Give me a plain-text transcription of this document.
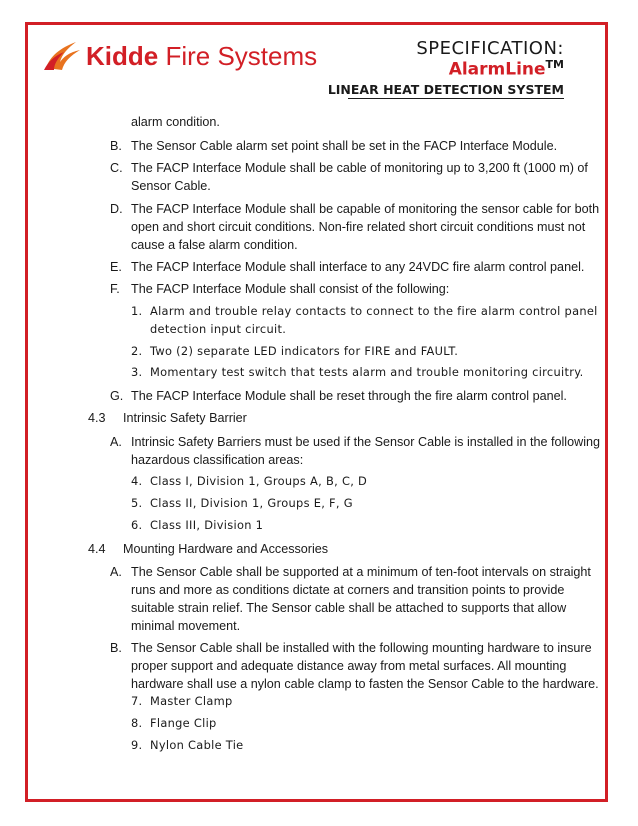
Kidde Fire Systems	SPECIFICATION:
AlarmLine™
LINEAR HEAT DETECTION SYSTEM
alarm condition.
B. The Sensor Cable alarm set point shall be set in the FACP Interface Module.
C. The FACP Interface Module shall be cable of monitoring up to 3,200 ft (1000 m) of
Sensor Cable.
D. The FACP Interface Module shall be capable of monitoring the sensor cable for both
open and short circuit conditions. Non-fire related short circuit conditions must not
cause a false alarm condition.
E. The FACP Interface Module shall interface to any 24VDC fire alarm control panel.
F. The FACP Interface Module shall consist of the following:
1. Alarm and trouble relay contacts to connect to the fire alarm control panel
detection input circuit.
2. Two (2) separate LED indicators for FIRE and FAULT.
3. Momentary test switch that tests alarm and trouble monitoring circuitry.
G. The FACP Interface Module shall be reset through the fire alarm control panel.
4.3 Intrinsic Safety Barrier
A. Intrinsic Safety Barriers must be used if the Sensor Cable is installed in the following
hazardous classification areas:
4. Class I, Division 1, Groups A, B, C, D
5. Class II, Division 1, Groups E, F, G
6. Class III, Division 1
4.4 Mounting Hardware and Accessories
A. The Sensor Cable shall be supported at a minimum of ten-foot intervals on straight
runs and more as conditions dictate at corners and transition points to provide
suitable strain relief. The Sensor cable shall be attached to supports that allow
minimal movement.
B. The Sensor Cable shall be installed with the following mounting hardware to insure
proper support and adequate distance away from metal surfaces. All mounting
hardware shall use a nylon cable clamp to fasten the Sensor Cable to the hardware.
7. Master Clamp
8. Flange Clip
9. Nylon Cable Tie
